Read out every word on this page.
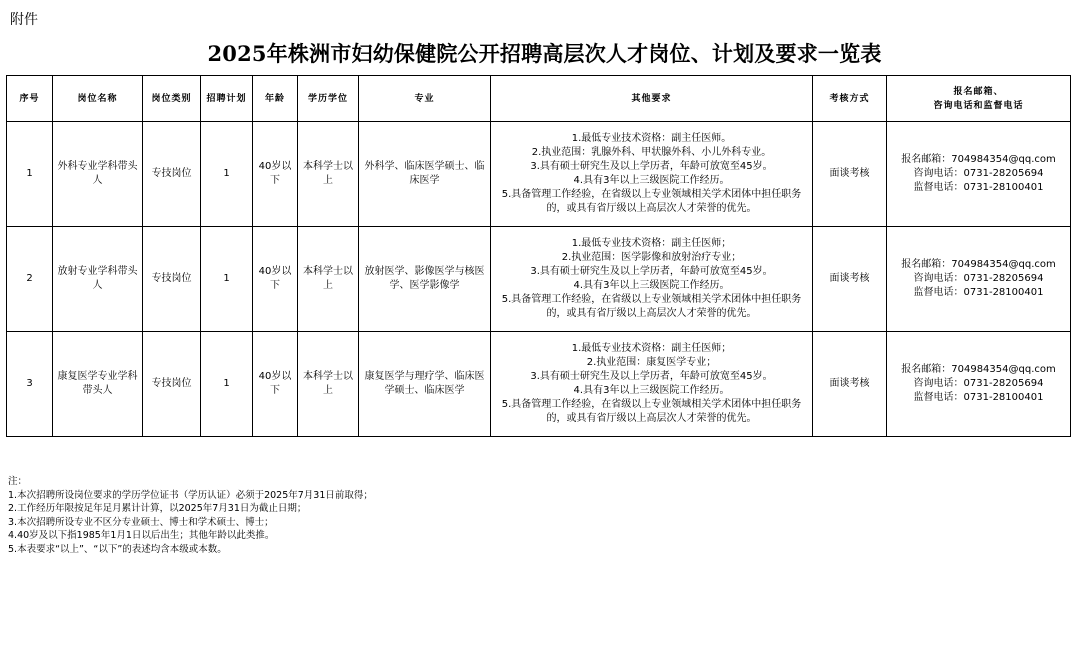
附件
2025年株洲市妇幼保健院公开招聘高层次人才岗位、计划及要求一览表
序号	岗位名称	岗位类别	招聘计划	年龄	学历学位	专业	其他要求	考核方式	报名邮箱、
咨询电话和监督电话

1	外科专业学科带头人	专技岗位	1	40岁以下	本科学士以上	外科学、临床医学硕士、临床医学	1.最低专业技术资格：副主任医师。
2.执业范围：乳腺外科、甲状腺外科、小儿外科专业。
3.具有硕士研究生及以上学历者，年龄可放宽至45岁。
4.具有3年以上三级医院工作经历。
5.具备管理工作经验，在省级以上专业领域相关学术团体中担任职务的，或具有省厅级以上高层次人才荣誉的优先。	面谈考核	报名邮箱：704984354@qq.com
咨询电话：0731-28205694
监督电话：0731-28100401

2	放射专业学科带头人	专技岗位	1	40岁以下	本科学士以上	放射医学、影像医学与核医学、医学影像学	1.最低专业技术资格：副主任医师；
2.执业范围：医学影像和放射治疗专业；
3.具有硕士研究生及以上学历者，年龄可放宽至45岁。
4.具有3年以上三级医院工作经历。
5.具备管理工作经验，在省级以上专业领域相关学术团体中担任职务的，或具有省厅级以上高层次人才荣誉的优先。	面谈考核	报名邮箱：704984354@qq.com
咨询电话：0731-28205694
监督电话：0731-28100401

3	康复医学专业学科带头人	专技岗位	1	40岁以下	本科学士以上	康复医学与理疗学、临床医学硕士、临床医学	1.最低专业技术资格：副主任医师；
2.执业范围：康复医学专业；
3.具有硕士研究生及以上学历者，年龄可放宽至45岁。
4.具有3年以上三级医院工作经历。
5.具备管理工作经验，在省级以上专业领域相关学术团体中担任职务的，或具有省厅级以上高层次人才荣誉的优先。	面谈考核	报名邮箱：704984354@qq.com
咨询电话：0731-28205694
监督电话：0731-28100401
注：
1.本次招聘所设岗位要求的学历学位证书（学历认证）必须于2025年7月31日前取得；
2.工作经历年限按足年足月累计计算，以2025年7月31日为截止日期；
3.本次招聘所设专业不区分专业硕士、博士和学术硕士、博士；
4.40岁及以下指1985年1月1日以后出生；其他年龄以此类推。
5.本表要求“以上”、“以下”的表述均含本级或本数。
